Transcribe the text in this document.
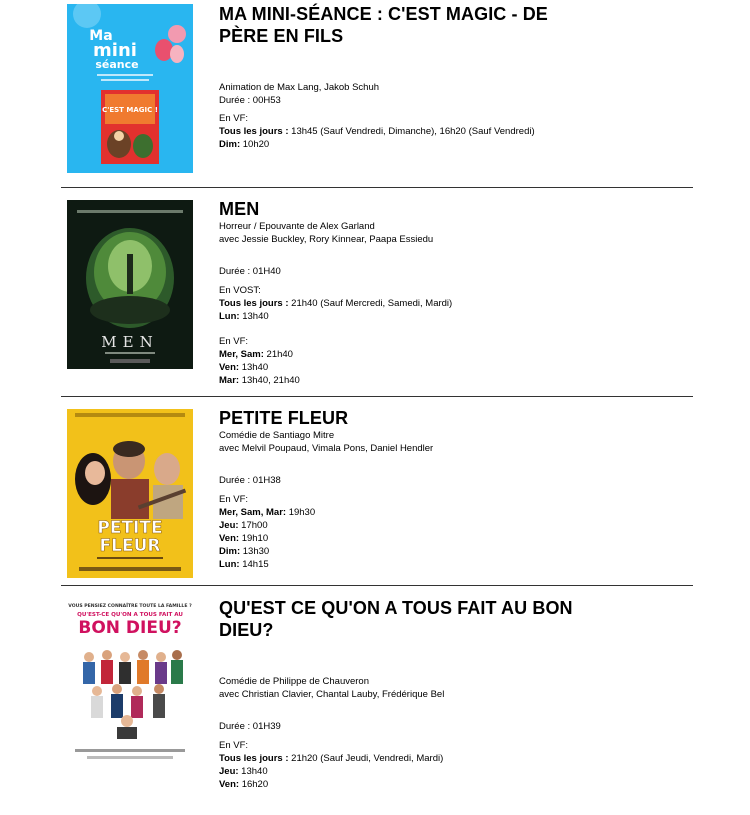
Ma
mini
séance
C'EST MAGIC !
MA MINI-SÉANCE : C'EST MAGIC - DE PÈRE EN FILS
Animation de Max Lang, Jakob Schuh
Durée : 00H53
En VF:
Tous les jours : 13h45 (Sauf Vendredi, Dimanche), 16h20 (Sauf Vendredi)
Dim: 10h20
MEN
MEN
Horreur / Epouvante de Alex Garland
avec Jessie Buckley, Rory Kinnear, Paapa Essiedu
Durée : 01H40
En VOST:
Tous les jours : 21h40 (Sauf Mercredi, Samedi, Mardi)
Lun: 13h40
En VF:
Mer, Sam: 21h40
Ven: 13h40
Mar: 13h40, 21h40
PETITE
FLEUR
PETITE FLEUR
Comédie de Santiago Mitre
avec Melvil Poupaud, Vimala Pons, Daniel Hendler
Durée : 01H38
En VF:
Mer, Sam, Mar: 19h30
Jeu: 17h00
Ven: 19h10
Dim: 13h30
Lun: 14h15
VOUS PENSIEZ CONNAÎTRE TOUTE LA FAMILLE ?
QU'EST-CE QU'ON A TOUS FAIT AU
BON DIEU?
QU'EST CE QU'ON A TOUS FAIT AU BON DIEU?
Comédie de Philippe de Chauveron
avec Christian Clavier, Chantal Lauby, Frédérique Bel
Durée : 01H39
En VF:
Tous les jours : 21h20 (Sauf Jeudi, Vendredi, Mardi)
Jeu: 13h40
Ven: 16h20
